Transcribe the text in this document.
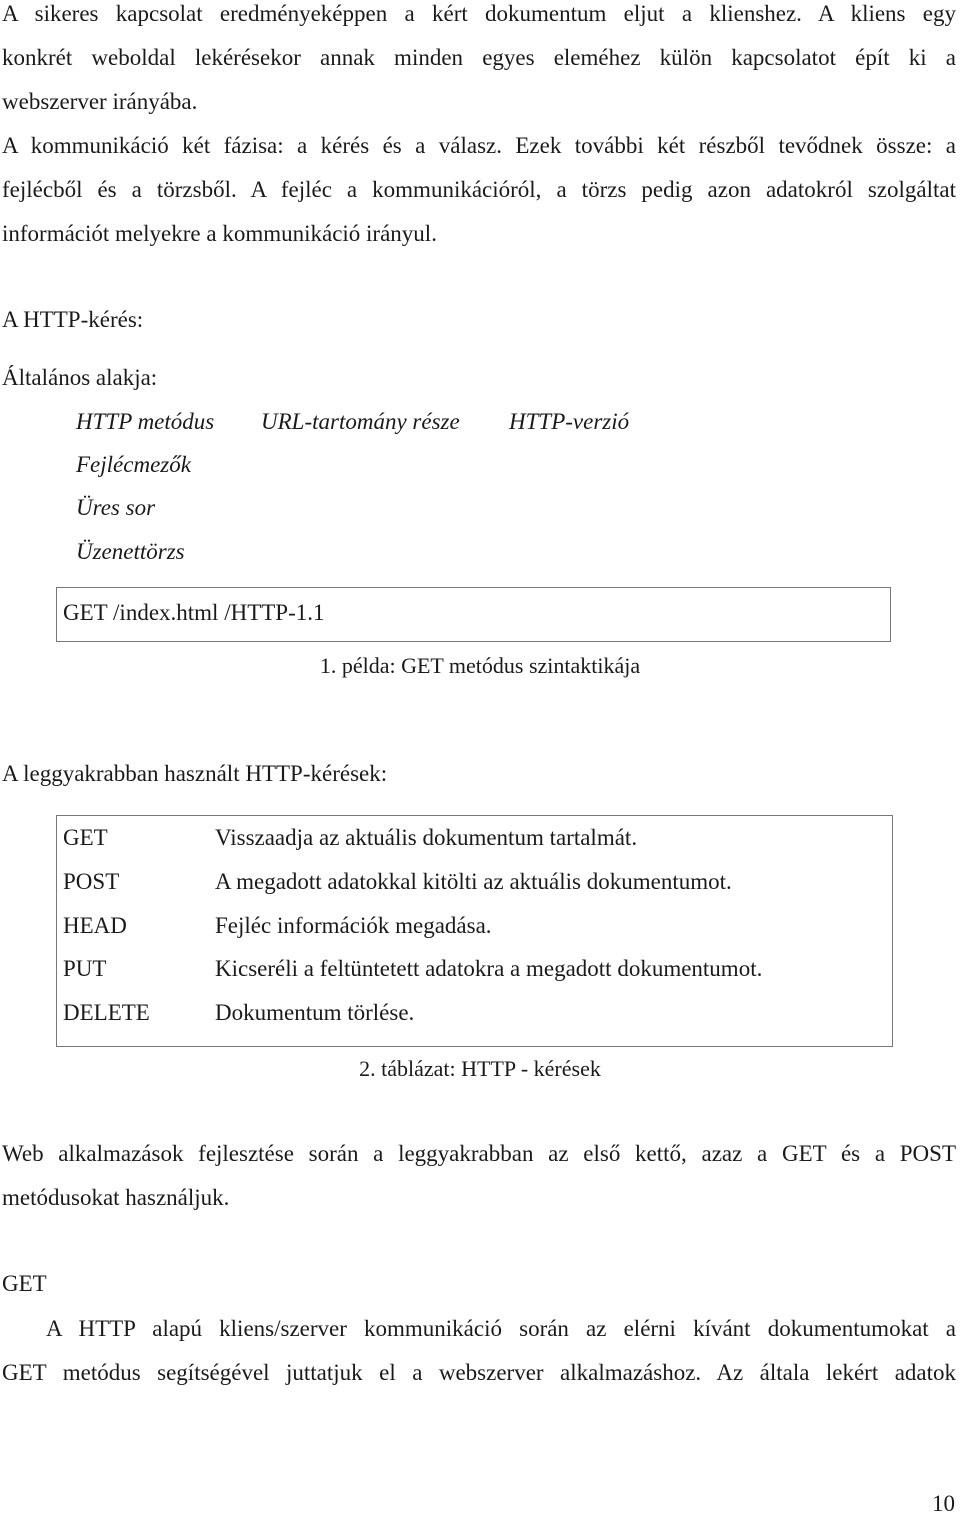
A sikeres kapcsolat eredményeképpen a kért dokumentum eljut a klienshez. A kliens egy
konkrét weboldal lekérésekor annak minden egyes eleméhez külön kapcsolatot épít ki a
webszerver irányába.
A kommunikáció két fázisa: a kérés és a válasz. Ezek további két részből tevődnek össze: a
fejlécből és a törzsből. A fejléc a kommunikációról, a törzs pedig azon adatokról szolgáltat
információt melyekre a kommunikáció irányul.
A HTTP-kérés:
Általános alakja:
HTTP metódus URL-tartomány része HTTP-verzió
Fejlécmezők
Üres sor
Üzenettörzs
GET /index.html /HTTP-1.1
1. példa: GET metódus szintaktikája
A leggyakrabban használt HTTP-kérések:
GET	Visszaadja az aktuális dokumentum tartalmát.
POST	A megadott adatokkal kitölti az aktuális dokumentumot.
HEAD	Fejléc információk megadása.
PUT	Kicseréli a feltüntetett adatokra a megadott dokumentumot.
DELETE	Dokumentum törlése.
2. táblázat: HTTP - kérések
Web alkalmazások fejlesztése során a leggyakrabban az első kettő, azaz a GET és a POST
metódusokat használjuk.
GET
A HTTP alapú kliens/szerver kommunikáció során az elérni kívánt dokumentumokat a
GET metódus segítségével juttatjuk el a webszerver alkalmazáshoz. Az általa lekért adatok
10
